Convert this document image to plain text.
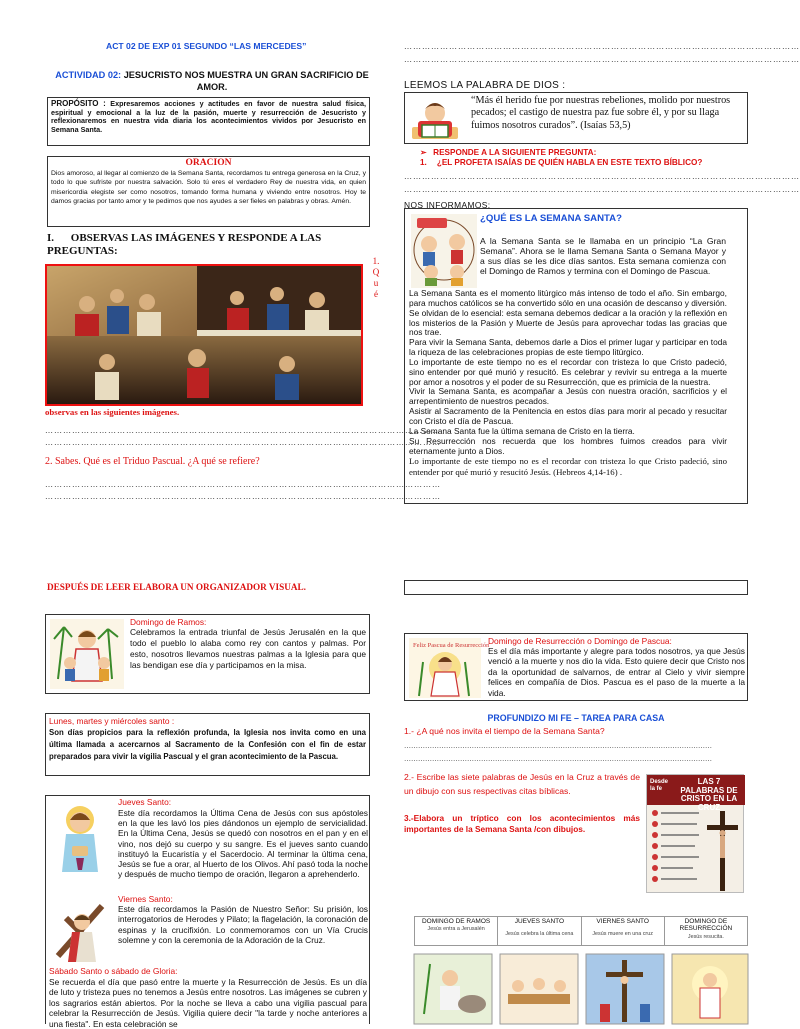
ACT 02 DE EXP 01 SEGUNDO “LAS MERCEDES”
ACTIVIDAD 02: JESUCRISTO NOS MUESTRA UN GRAN SACRIFICIO DE AMOR.
PROPÓSITO : Expresaremos acciones y actitudes en favor de nuestra salud física, espiritual y emocional a la luz de la pasión, muerte y resurrección de Jesucristo y reflexionaremos en nuestra vida diaria los acontecimientos vividos por Jesucristo en Semana Santa.
ORACION
Dios amoroso, al llegar al comienzo de la Semana Santa, recordamos tu entrega generosa en la Cruz, y todo lo que sufriste por nuestra salvación. Solo tú eres el verdadero Rey de nuestra vida, en quien misericordia elegiste ser como nosotros, tomando forma humana y viviendo entre nosotros. Hoy te damos gracias por tanto amor y te pedimos que nos ayudes a ser fieles en palabras y obras. Amén.
I. OBSERVAS LAS IMÁGENES Y RESPONDE A LAS PREGUNTAS:
1.
Q
u
é
observas en las siguientes imágenes.
……………………………………………………………………………………………………………………
……………………………………………………………………………………………………………………
2. Sabes. Qué es el Triduo Pascual. ¿A qué se refiere?
……………………………………………………………………………………………………………………
……………………………………………………………………………………………………………………
……………………………………………………………………………………………………………………
……………………………………………………………………………………………………………………
LEEMOS LA PALABRA DE DIOS :
“Más él herido fue por nuestras rebeliones, molido por nuestros pecados; el castigo de nuestra paz fue sobre él, y por su llaga fuimos nosotros curados”. (Isaías 53,5)
➢ RESPONDE A LA SIGUIENTE PREGUNTA:
1. ¿EL PROFETA ISAÍAS DE QUIÉN HABLA EN ESTE TEXTO BÍBLICO?
……………………………………………………………………………………………………………………
……………………………………………………………………………………………………………………
NOS INFORMAMOS:
¿QUÉ ES LA SEMANA SANTA?
A la Semana Santa se le llamaba en un principio “La Gran Semana”. Ahora se le llama Semana Santa o Semana Mayor y a sus días se les dice días santos. Esta semana comienza con el Domingo de Ramos y termina con el Domingo de Pascua.
La Semana Santa es el momento litúrgico más intenso de todo el año. Sin embargo, para muchos católicos se ha convertido sólo en una ocasión de descanso y diversión. Se olvidan de lo esencial: esta semana debemos dedicar a la oración y la reflexión en los misterios de la Pasión y Muerte de Jesús para aprovechar todas las gracias que nos trae.
Para vivir la Semana Santa, debemos darle a Dios el primer lugar y participar en toda la riqueza de las celebraciones propias de este tiempo litúrgico.
Lo importante de este tiempo no es el recordar con tristeza lo que Cristo padeció, sino entender por qué murió y resucitó. Es celebrar y revivir su entrega a la muerte por amor a nosotros y el poder de su Resurrección, que es primicia de la nuestra.
Vivir la Semana Santa, es acompañar a Jesús con nuestra oración, sacrificios y el arrepentimiento de nuestros pecados.
Asistir al Sacramento de la Penitencia en estos días para morir al pecado y resucitar con Cristo el día de Pascua.
La Semana Santa fue la última semana de Cristo en la tierra.
Su Resurrección nos recuerda que los hombres fuimos creados para vivir eternamente junto a Dios.
Lo importante de este tiempo no es el recordar con tristeza lo que Cristo padeció, sino entender por qué murió y resucitó Jesús. (Hebreos 4,14-16) .
DESPUÉS DE LEER ELABORA UN ORGANIZADOR VISUAL.
Domingo de Ramos:
Celebramos la entrada triunfal de Jesús Jerusalén en la que todo el pueblo lo alaba como rey con cantos y palmas. Por esto, nosotros llevamos nuestras palmas a la Iglesia para que las bendigan ese día y participamos en la misa.
Lunes, martes y miércoles santo :
Son días propicios para la reflexión profunda, la Iglesia nos invita como en una última llamada a acercarnos al Sacramento de la Confesión con el fin de estar preparados para vivir la vigilia Pascual y el gran acontecimiento de la Pascua.
Jueves Santo:
Este día recordamos la Última Cena de Jesús con sus apóstoles en la que les lavó los pies dándonos un ejemplo de servicialidad. En la Última Cena, Jesús se quedó con nosotros en el pan y en el vino, nos dejó su cuerpo y su sangre. Es el jueves santo cuando instituyó la Eucaristía y el Sacerdocio. Al terminar la última cena, Jesús se fue a orar, al Huerto de los Olivos. Ahí pasó toda la noche y después de mucho tiempo de oración, llegaron a aprehenderlo.
Viernes Santo:
Este día recordamos la Pasión de Nuestro Señor: Su prisión, los interrogatorios de Herodes y Pilato; la flagelación, la coronación de espinas y la crucifixión. Lo conmemoramos con un Vía Crucis solemne y con la ceremonia de la Adoración de la Cruz.
Sábado Santo o sábado de Gloria:
Se recuerda el día que pasó entre la muerte y la Resurrección de Jesús. Es un día de luto y tristeza pues no tenemos a Jesús entre nosotros. Las imágenes se cubren y los sagrarios están abiertos. Por la noche se lleva a cabo una vigilia pascual para celebrar la Resurrección de Jesús. Vigilia quiere decir "la tarde y noche anteriores a una fiesta". En esta celebración se
Feliz Pascua de Resurrección
Domingo de Resurrección o Domingo de Pascua:
Es el día más importante y alegre para todos nosotros, ya que Jesús venció a la muerte y nos dio la vida. Esto quiere decir que Cristo nos da la oportunidad de salvarnos, de entrar al Cielo y vivir siempre felices en compañía de Dios. Pascua es el paso de la muerte a la vida.
PROFUNDIZO MI FE – TAREA PARA CASA
1.- ¿A qué nos invita el tiempo de la Semana Santa?
……………………………………………………………………………………………………………………
……………………………………………………………………………………………………………………
2.- Escribe las siete palabras de Jesús en la Cruz a través de un dibujo con sus respectivas citas bíblicas.
3.-Elabora un tríptico con los acontecimientos más importantes de la Semana Santa /con dibujos.
Desde la fe
LAS 7 PALABRAS DE CRISTO EN LA CRUZ
DOMINGO DE RAMOS
Jesús entra a Jerusalén
JUEVES SANTO
Jesús celebra la última cena
VIERNES SANTO
Jesús muere en una cruz
DOMINGO DE RESURRECCIÓN
Jesús resucita.
